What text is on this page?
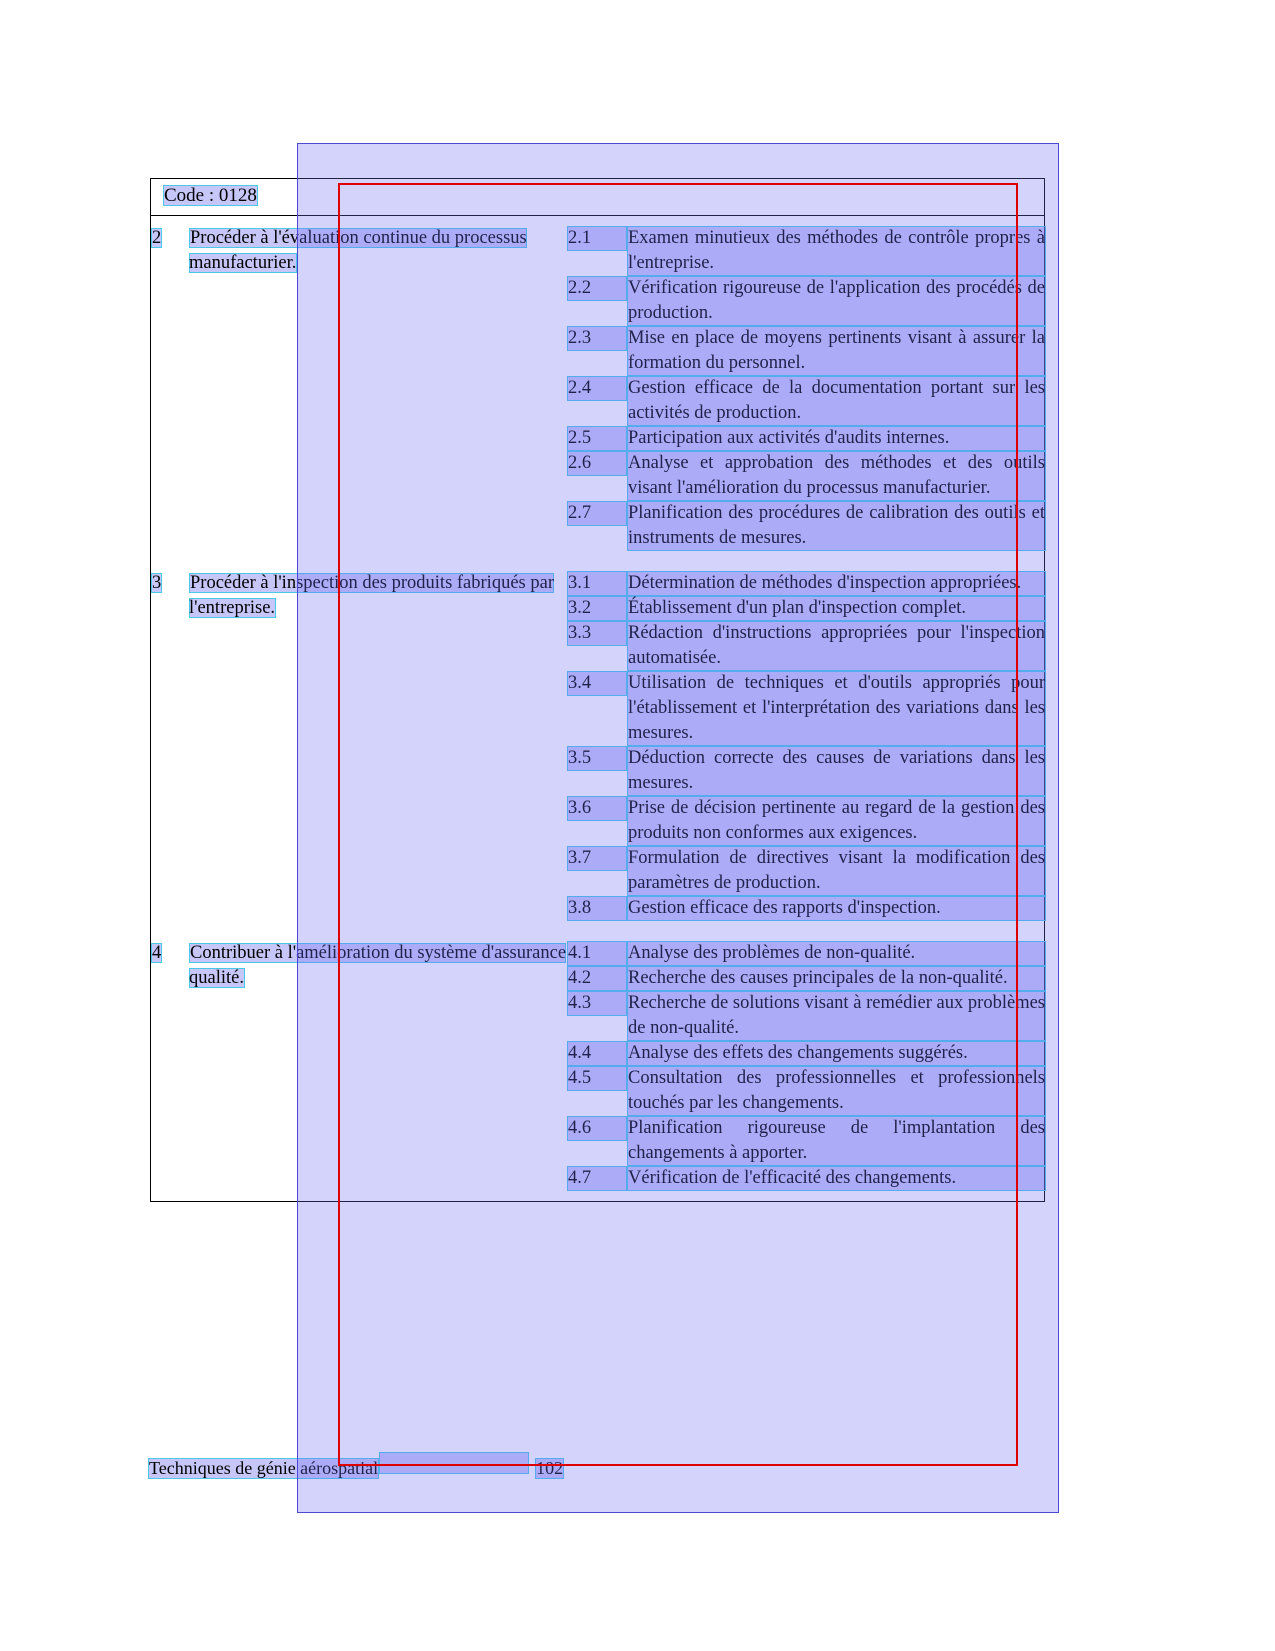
Code : 0128
2	Procéder à l'évaluation continue du processus manufacturier.

2.1	Examen minutieux des méthodes de contrôle propres à l'entreprise.
2.2	Vérification rigoureuse de l'application des procédés de production.
2.3	Mise en place de moyens pertinents visant à assurer la formation du personnel.
2.4	Gestion efficace de la documentation portant sur les activités de production.
2.5	Participation aux activités d'audits internes.
2.6	Analyse et approbation des méthodes et des outils visant l'amélioration du processus manufacturier.
2.7	Planification des procédures de calibration des outils et instruments de mesures.

3	Procéder à l'inspection des produits fabriqués par l'entreprise.

3.1	Détermination de méthodes d'inspection appropriées.
3.2	Établissement d'un plan d'inspection complet.
3.3	Rédaction d'instructions appropriées pour l'inspection automatisée.
3.4	Utilisation de techniques et d'outils appropriés pour l'établissement et l'interprétation des variations dans les mesures.
3.5	Déduction correcte des causes de variations dans les mesures.
3.6	Prise de décision pertinente au regard de la gestion des produits non conformes aux exigences.
3.7	Formulation de directives visant la modification des paramètres de production.
3.8	Gestion efficace des rapports d'inspection.

4	Contribuer à l'amélioration du système d'assurance qualité.

4.1	Analyse des problèmes de non-qualité.
4.2	Recherche des causes principales de la non-qualité.
4.3	Recherche de solutions visant à remédier aux problèmes de non-qualité.
4.4	Analyse des effets des changements suggérés.
4.5	Consultation des professionnelles et professionnels touchés par les changements.
4.6	Planification rigoureuse de l'implantation des changements à apporter.
4.7	Vérification de l'efficacité des changements.
Techniques de génie aérospatial	102
